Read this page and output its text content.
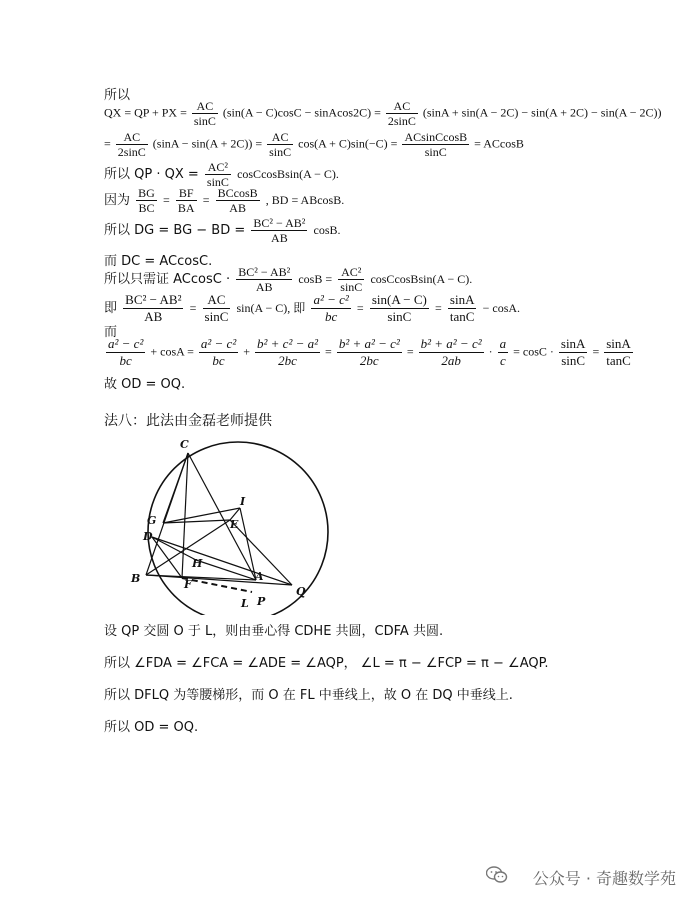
所以
QX = QP + PX = $\frac{AC}{\sin C} (\sin(A - C)\cos C$ − sinAcos2C) = $\frac{AC}{2\sin C} (\sin A + \sin(A - 2C) - \sin(A + 2C) - \sin(A - 2C))$
= $\frac{AC}{2\sin C} (\sin A - \sin(A + 2C)) = \frac{AC}{\sin C} \cos(A + C)\sin(-C) = \frac{\text{ACsinCcosB}}{\sin C} = ACcosB$
所以 QP · QX = $\frac{\text{AC²}}{\sin C}$ cosCcosBsin(A − C).
因为 $\frac{BG}{BC} = \frac{BF}{BA} = \frac{BCcosB}{AB}$ , BD = ABcosB.
所以 DG = BG − BD = $\frac{\text{BC² − AB²}}{AB} \cos B$.
而 DC = ACcosC.
所以只需证 $ACcosC \cdot \frac{\text{BC² − AB²}}{AB}$ $\cos B = \frac{\text{AC²}}{\sin C}$ cosCcosBsin(A − C).
即 $\frac{\text{BC² − AB²}}{AB} = \frac{AC}{\sin C} \sin(A - C)$, 即 $\frac{\text{a² − c²}}{bc} = \frac{\sin(A - C)}{\sin C} = \frac{\sin A}{\tan C} - \cos A$.
而
$\frac{\text{a² − c²}}{bc} + \cos A = \frac{\text{a² − c²}}{bc} + \frac{\text{b² + c² − a²}}{2bc} = \frac{\text{b² + a² − c²}}{2bc} = \frac{\text{b² + a² − c²}}{2ab} \cdot \frac{a}{c} = \cos C \cdot \frac{\sin A}{\sin C} = \frac{\sin A}{\tan C}$
故 OD = OQ.
法八：此法由金磊老师提供
C
I
G	E
D
H
B	F
A
L P
Q
设 QP 交圆 O 于 L，则由垂心得 CDHE 共圆，CDFA 共圆.
所以 ∠FDA = ∠FCA = ∠ADE = ∠AQP， ∠L = π − ∠FCP = π − ∠AQP.
所以 DFLQ 为等腰梯形，而 O 在 FL 中垂线上，故 O 在 DQ 中垂线上.
所以 OD = OQ.
公众号 · 奇趣数学苑
